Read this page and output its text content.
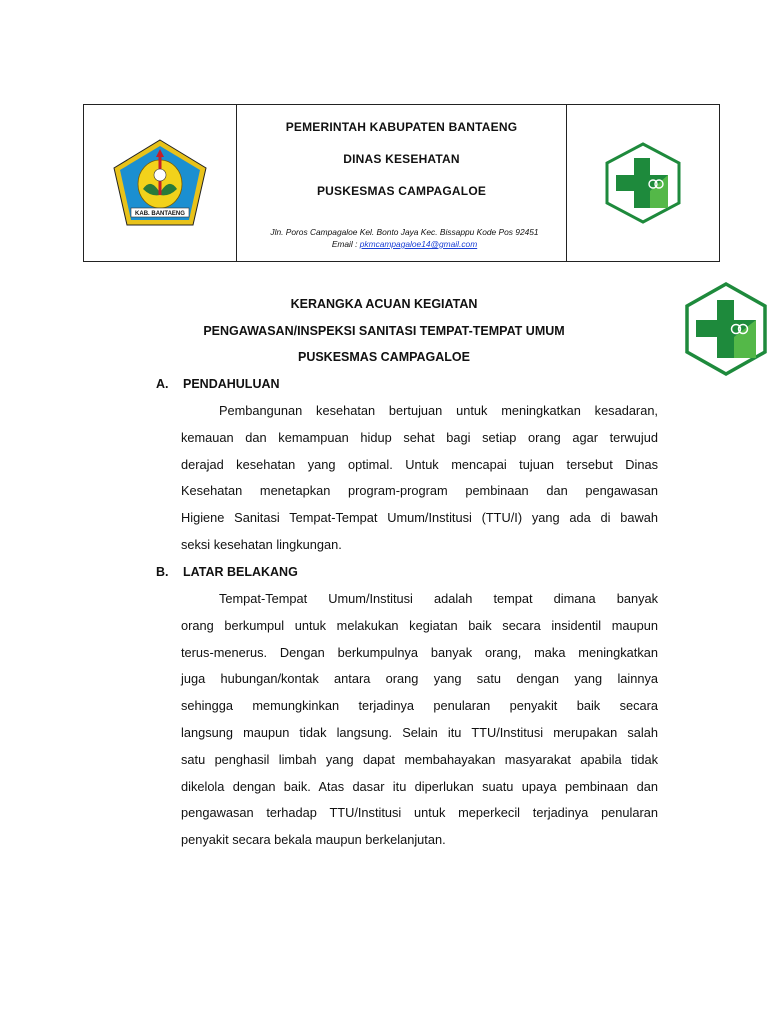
KAB. BANTAENG
PEMERINTAH KABUPATEN BANTAENG
DINAS KESEHATAN
PUSKESMAS CAMPAGALOE
Jln. Poros Campagaloe Kel. Bonto Jaya Kec. Bissappu Kode Pos 92451
Email : pkmcampagaloe14@gmail.com
KERANGKA ACUAN KEGIATAN
PENGAWASAN/INSPEKSI SANITASI TEMPAT-TEMPAT UMUM
PUSKESMAS CAMPAGALOE
A. PENDAHULUAN

Pembangunan kesehatan bertujuan untuk meningkatkan kesadaran,
kemauan dan kemampuan hidup sehat bagi setiap orang agar terwujud
derajad kesehatan yang optimal. Untuk mencapai tujuan tersebut Dinas
Kesehatan menetapkan program-program pembinaan dan pengawasan
Higiene Sanitasi Tempat-Tempat Umum/Institusi (TTU/I) yang ada di bawah
seksi kesehatan lingkungan.

B. LATAR BELAKANG

Tempat-Tempat Umum/Institusi adalah tempat dimana banyak
orang berkumpul untuk melakukan kegiatan baik secara insidentil maupun
terus-menerus. Dengan berkumpulnya banyak orang, maka meningkatkan
juga hubungan/kontak antara orang yang satu dengan yang lainnya
sehingga memungkinkan terjadinya penularan penyakit baik secara
langsung maupun tidak langsung. Selain itu TTU/Institusi merupakan salah
satu penghasil limbah yang dapat membahayakan masyarakat apabila tidak
dikelola dengan baik. Atas dasar itu diperlukan suatu upaya pembinaan dan
pengawasan terhadap TTU/Institusi untuk meperkecil terjadinya penularan
penyakit secara bekala maupun berkelanjutan.
